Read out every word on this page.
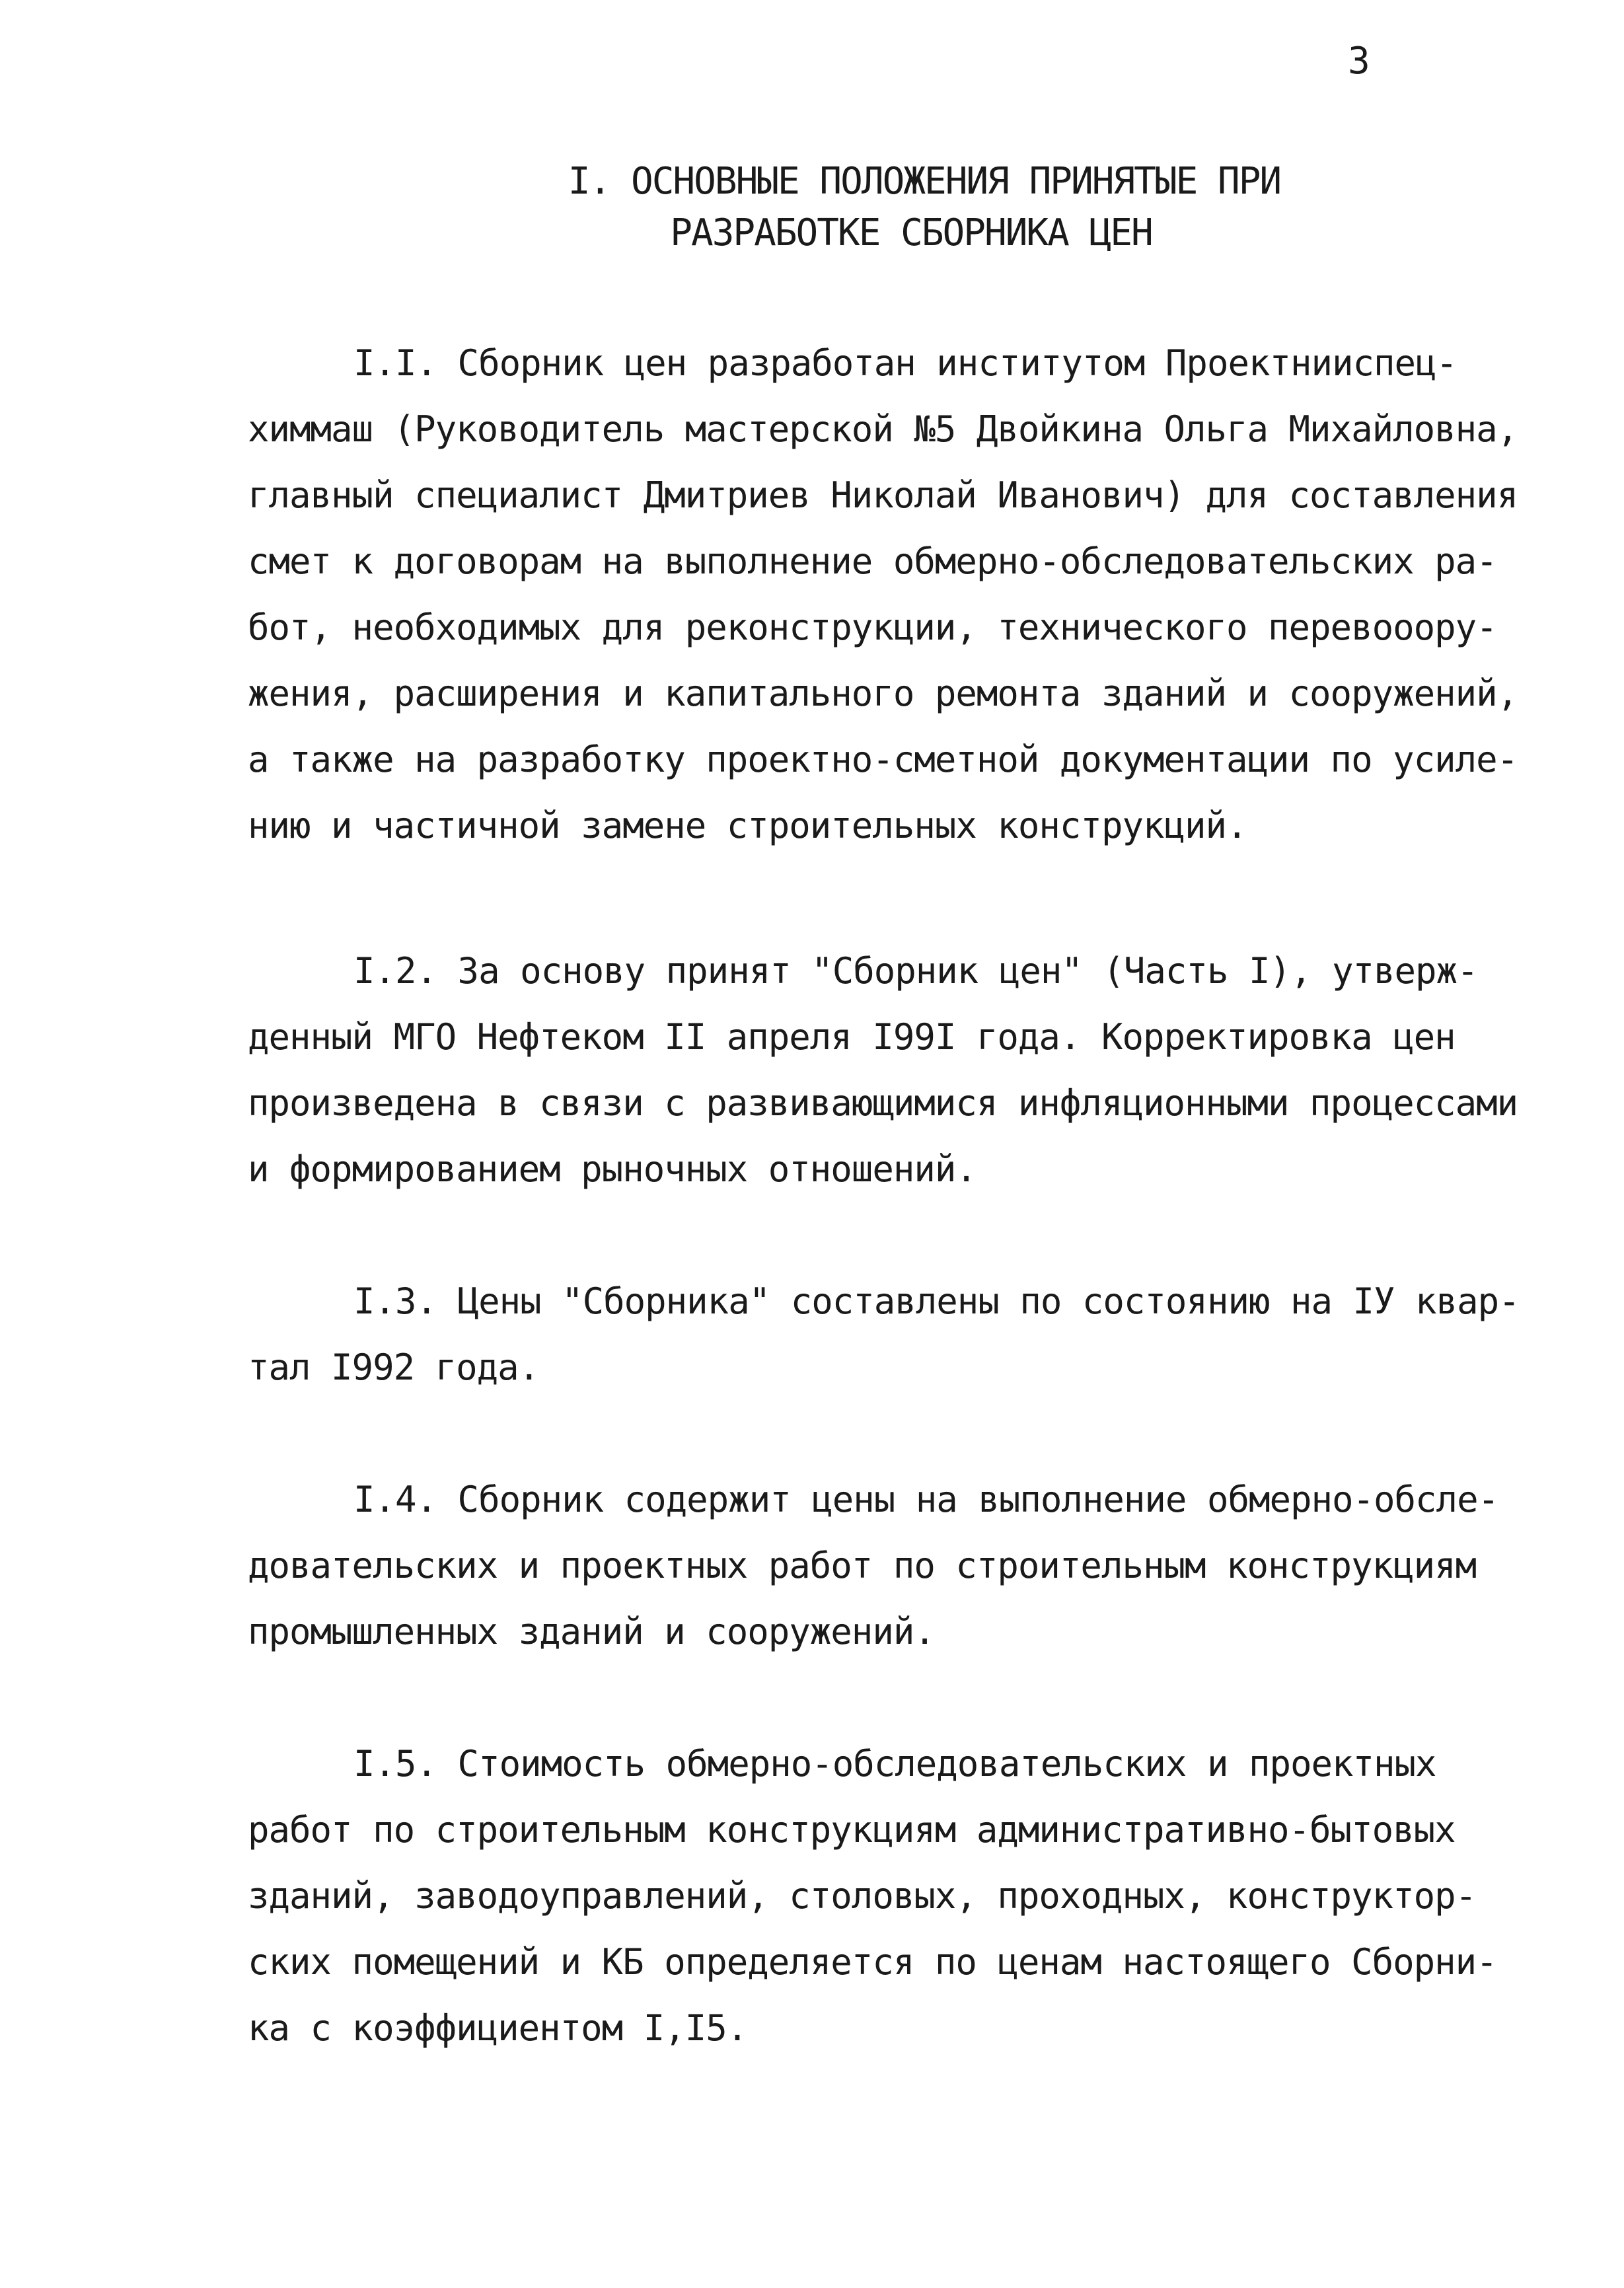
3
I. ОСНОВНЫЕ ПОЛОЖЕНИЯ ПРИНЯТЫЕ ПРИ
РАЗРАБОТКЕ СБОРНИКА ЦЕН
I.I. Сборник цен разработан институтом Проектнииспец-
химмаш (Руководитель мастерской №5 Двойкина Ольга Михайловна,
главный специалист Дмитриев Николай Иванович) для составления
смет к договорам на выполнение обмерно-обследовательских ра-
бот, необходимых для реконструкции, технического перевооору-
жения, расширения и капитального ремонта зданий и сооружений,
а также на разработку проектно-сметной документации по усиле-
нию и частичной замене строительных конструкций.
I.2. За основу принят "Сборник цен" (Часть I), утверж-
денный МГО Нефтеком II апреля I99I года. Корректировка цен
произведена в связи с развивающимися инфляционными процессами
и формированием рыночных отношений.
I.3. Цены "Сборника" составлены по состоянию на IУ квар-
тал I992 года.
I.4. Сборник содержит цены на выполнение обмерно-обсле-
довательских и проектных работ по строительным конструкциям
промышленных зданий и сооружений.
I.5. Стоимость обмерно-обследовательских и проектных
работ по строительным конструкциям административно-бытовых
зданий, заводоуправлений, столовых, проходных, конструктор-
ских помещений и КБ определяется по ценам настоящего Сборни-
ка с коэффициентом I,I5.
